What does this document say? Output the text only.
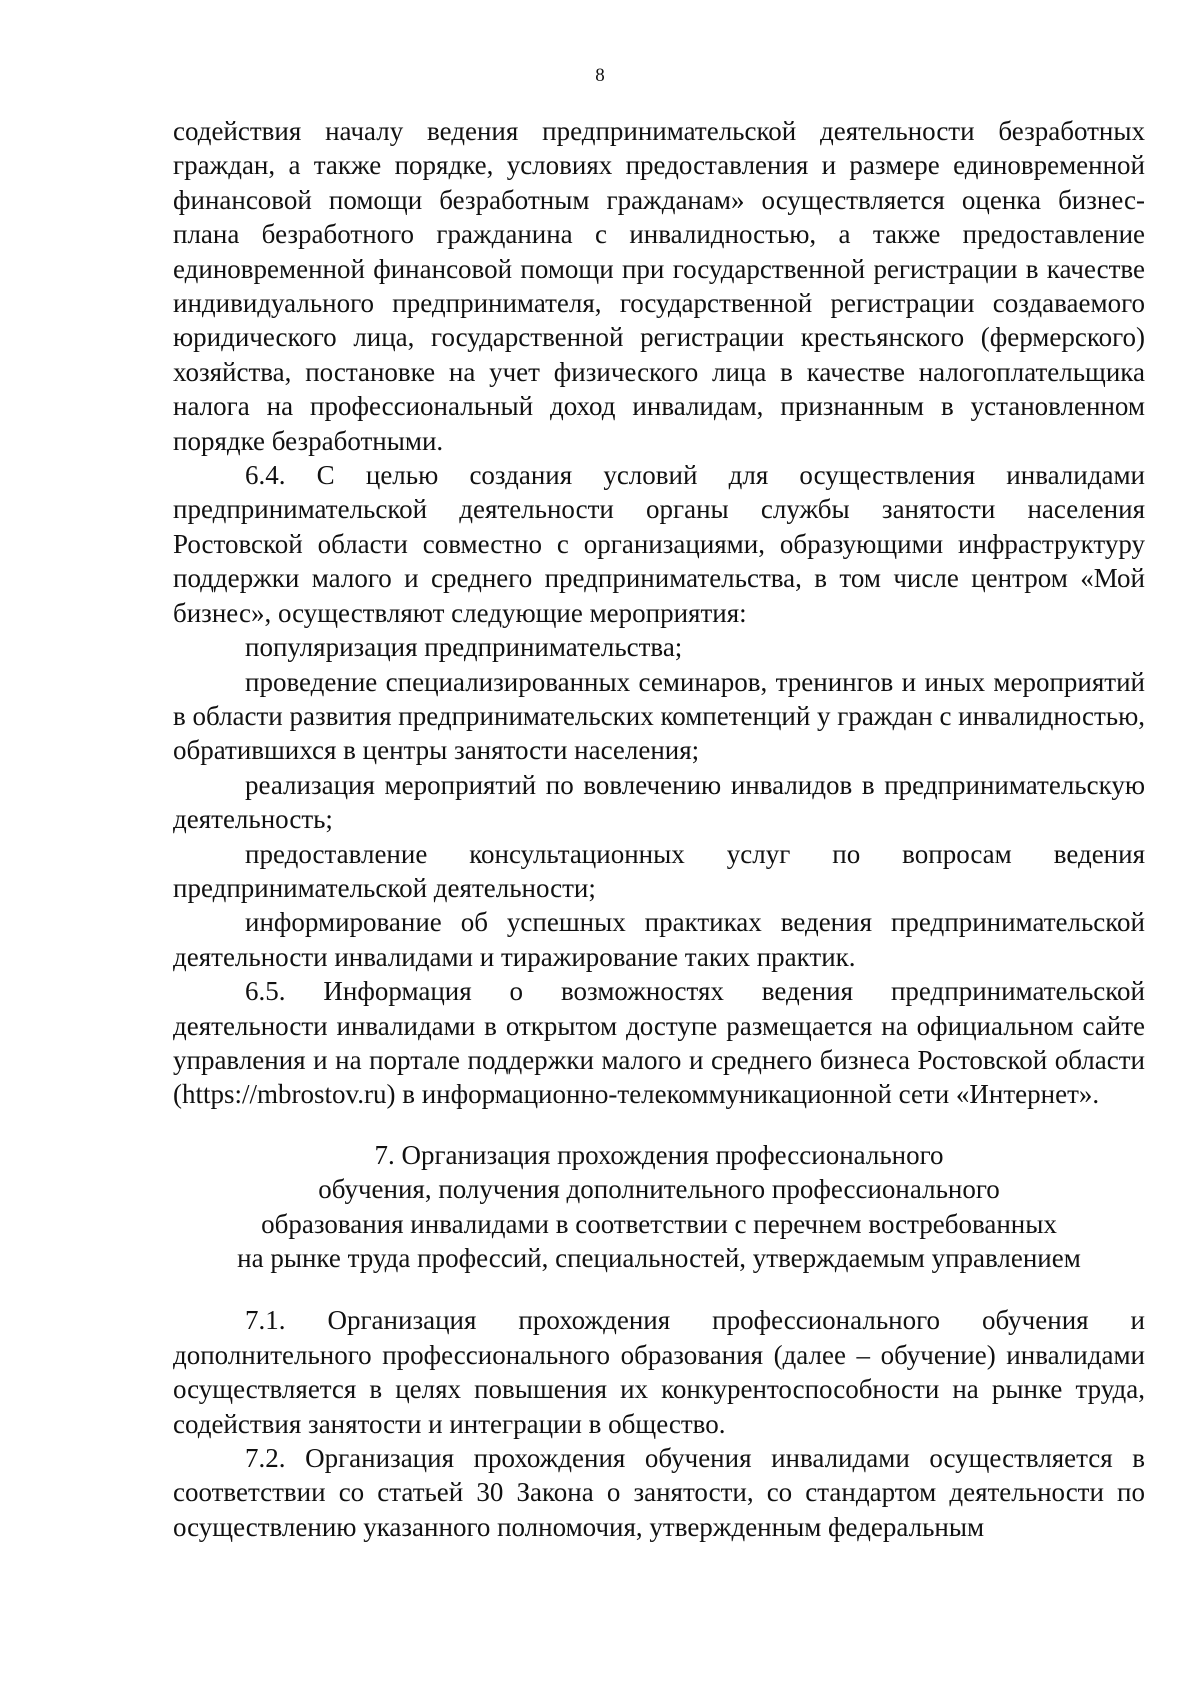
8

содействия началу ведения предпринимательской деятельности безработных граждан, а также порядке, условиях предоставления и размере единовременной финансовой помощи безработным гражданам» осуществляется оценка бизнес-плана безработного гражданина с инвалидностью, а также предоставление единовременной финансовой помощи при государственной регистрации в качестве индивидуального предпринимателя, государственной регистрации создаваемого юридического лица, государственной регистрации крестьянского (фермерского) хозяйства, постановке на учет физического лица в качестве налогоплательщика налога на профессиональный доход инвалидам, признанным в установленном порядке безработными.

6.4. С целью создания условий для осуществления инвалидами предпринимательской деятельности органы службы занятости населения Ростовской области совместно с организациями, образующими инфраструктуру поддержки малого и среднего предпринимательства, в том числе центром «Мой бизнес», осуществляют следующие мероприятия:

популяризация предпринимательства;

проведение специализированных семинаров, тренингов и иных мероприятий в области развития предпринимательских компетенций у граждан с инвалидностью, обратившихся в центры занятости населения;

реализация мероприятий по вовлечению инвалидов в предпринимательскую деятельность;

предоставление консультационных услуг по вопросам ведения предпринимательской деятельности;

информирование об успешных практиках ведения предпринимательской деятельности инвалидами и тиражирование таких практик.

6.5. Информация о возможностях ведения предпринимательской деятельности инвалидами в открытом доступе размещается на официальном сайте управления и на портале поддержки малого и среднего бизнеса Ростовской области (https://mbrostov.ru) в информационно-телекоммуникационной сети «Интернет».

7. Организация прохождения профессионального
обучения, получения дополнительного профессионального
образования инвалидами в соответствии с перечнем востребованных
на рынке труда профессий, специальностей, утверждаемым управлением

7.1. Организация прохождения профессионального обучения и дополнительного профессионального образования (далее – обучение) инвалидами осуществляется в целях повышения их конкурентоспособности на рынке труда, содействия занятости и интеграции в общество.

7.2. Организация прохождения обучения инвалидами осуществляется в соответствии со статьей 30 Закона о занятости, со стандартом деятельности по осуществлению указанного полномочия, утвержденным федеральным
